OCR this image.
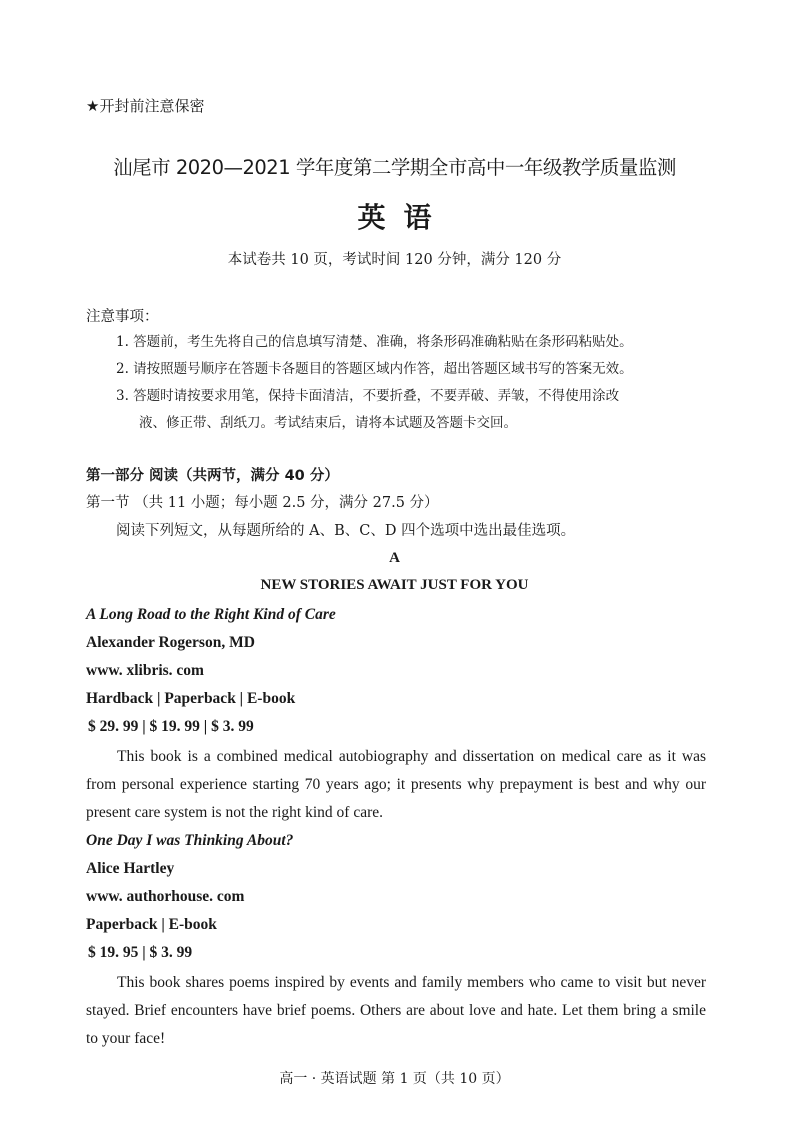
★开封前注意保密
汕尾市 2020—2021 学年度第二学期全市高中一年级教学质量监测
英语
本试卷共 10 页，考试时间 120 分钟，满分 120 分
注意事项：
1. 答题前，考生先将自己的信息填写清楚、准确，将条形码准确粘贴在条形码粘贴处。
2. 请按照题号顺序在答题卡各题目的答题区域内作答，超出答题区域书写的答案无效。
3. 答题时请按要求用笔，保持卡面清洁，不要折叠，不要弄破、弄皱，不得使用涂改
液、修正带、刮纸刀。考试结束后，请将本试题及答题卡交回。
第一部分 阅读（共两节，满分 40 分）
第一节 （共 11 小题；每小题 2.5 分，满分 27.5 分）
阅读下列短文，从每题所给的 A、B、C、D 四个选项中选出最佳选项。
A
NEW STORIES AWAIT JUST FOR YOU
A Long Road to the Right Kind of Care
Alexander Rogerson, MD
www. xlibris. com
Hardback | Paperback | E-book
$ 29. 99 | $ 19. 99 | $ 3. 99

This book is a combined medical autobiography and dissertation on medical care as it was from personal experience starting 70 years ago; it presents why prepayment is best and why our present care system is not the right kind of care.

One Day I was Thinking About?
Alice Hartley
www. authorhouse. com
Paperback | E-book
$ 19. 95 | $ 3. 99

This book shares poems inspired by events and family members who came to visit but never stayed. Brief encounters have brief poems. Others are about love and hate. Let them bring a smile to your face!

高一 · 英语试题 第 1 页（共 10 页）
